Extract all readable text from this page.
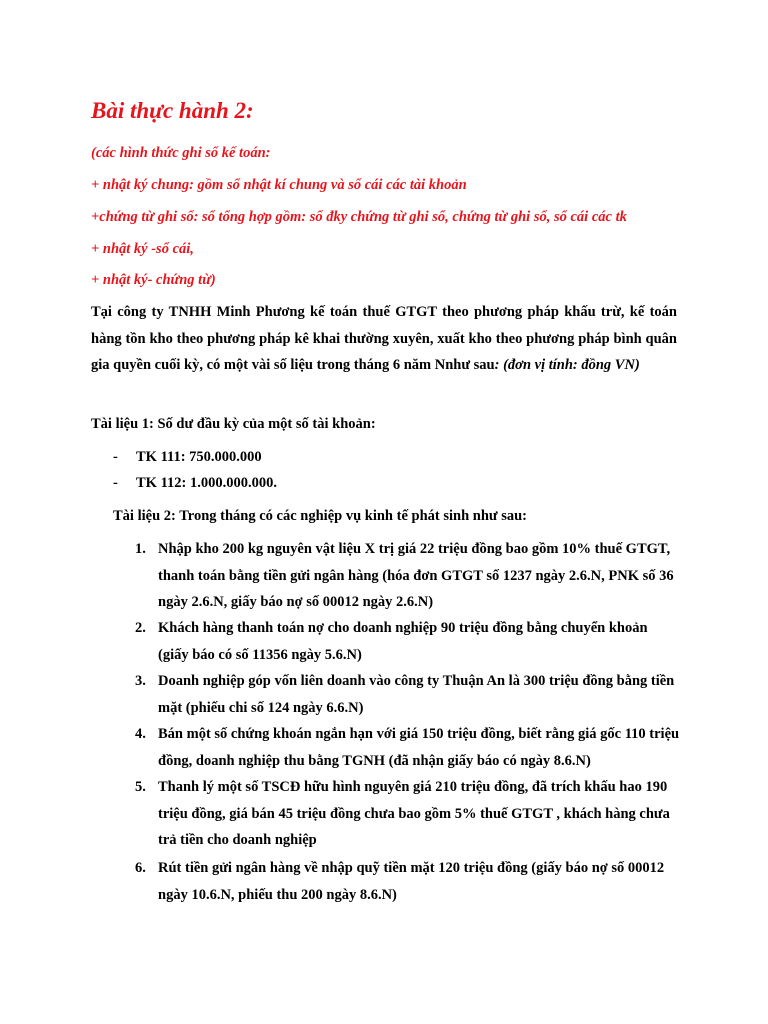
Bài thực hành 2:

(các hình thức ghi sổ kế toán:

+ nhật ký chung: gồm sổ nhật kí chung và sổ cái các tài khoản

+chứng từ ghi sổ: sổ tổng hợp gồm: sổ đky chứng từ ghi sổ, chứng từ ghi sổ, sổ cái các tk

+ nhật ký -sổ cái,

+ nhật ký- chứng từ)

Tại công ty TNHH Minh Phương kế toán thuế GTGT theo phương pháp khấu trừ, kế toán hàng tồn kho theo phương pháp kê khai thường xuyên, xuất kho theo phương pháp bình quân gia quyền cuối kỳ, có một vài số liệu trong tháng 6 năm Nnhư sau: (đơn vị tính: đồng VN)

Tài liệu 1: Số dư đầu kỳ của một số tài khoản:

- TK 111: 750.000.000

- TK 112: 1.000.000.000.

Tài liệu 2: Trong tháng có các nghiệp vụ kinh tế phát sinh như sau:

1. Nhập kho 200 kg nguyên vật liệu X trị giá 22 triệu đồng bao gồm 10% thuế GTGT, thanh toán bằng tiền gửi ngân hàng (hóa đơn GTGT số 1237 ngày 2.6.N, PNK số 36 ngày 2.6.N, giấy báo nợ số 00012 ngày 2.6.N)
2. Khách hàng thanh toán nợ cho doanh nghiệp 90 triệu đồng bằng chuyển khoản (giấy báo có số 11356 ngày 5.6.N)
3. Doanh nghiệp góp vốn liên doanh vào công ty Thuận An là 300 triệu đồng bằng tiền mặt (phiếu chi số 124 ngày 6.6.N)
4. Bán một số chứng khoán ngắn hạn với giá 150 triệu đồng, biết rằng giá gốc 110 triệu đồng, doanh nghiệp thu bằng TGNH (đã nhận giấy báo có ngày 8.6.N)
5. Thanh lý một số TSCĐ hữu hình nguyên giá 210 triệu đồng, đã trích khấu hao 190 triệu đồng, giá bán 45 triệu đồng chưa bao gồm 5% thuế GTGT , khách hàng chưa trả tiền cho doanh nghiệp
6. Rút tiền gửi ngân hàng về nhập quỹ tiền mặt 120 triệu đồng (giấy báo nợ số 00012 ngày 10.6.N, phiếu thu 200 ngày 8.6.N)
